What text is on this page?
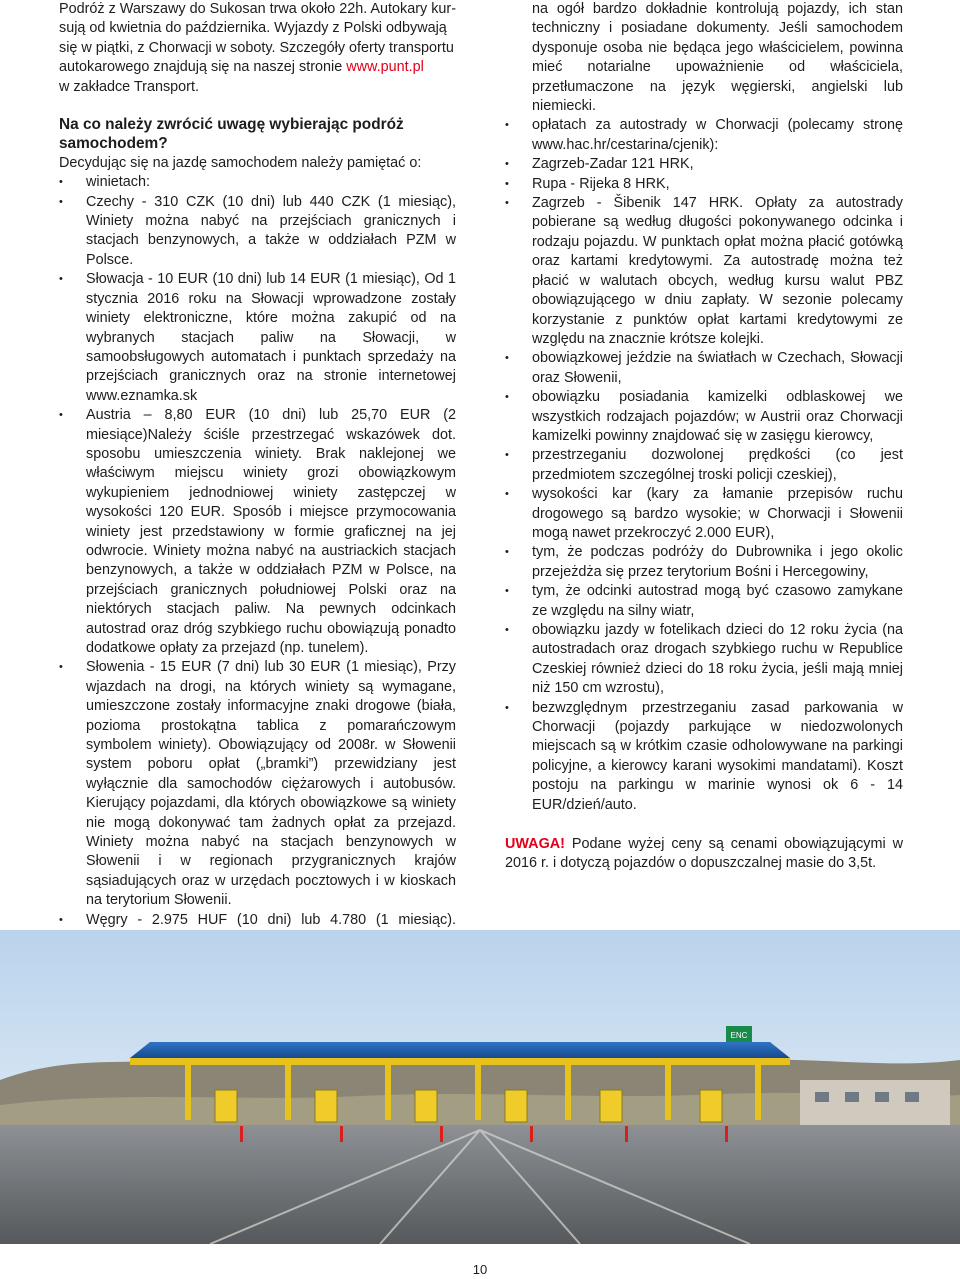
Podróż z Warszawy do Sukosan trwa około 22h. Autokary kur-
sują od kwietnia do października. Wyjazdy z Polski odbywają
się w piątki, z Chorwacji w soboty. Szczegóły oferty transportu
autokarowego znajdują się na naszej stronie www.punt.pl
w zakładce Transport.

Na co należy zwrócić uwagę wybierając podróż samochodem?

Decydując się na jazdę samochodem należy pamiętać o:

• winietach:
• Czechy - 310 CZK (10 dni) lub 440 CZK (1 miesiąc), Winiety można nabyć na przejściach granicznych i stacjach benzynowych, a także w oddziałach PZM w Polsce.
• Słowacja - 10 EUR (10 dni) lub 14 EUR (1 miesiąc), Od 1 stycznia 2016 roku na Słowacji wprowadzone zostały winiety elektroniczne, które można zakupić od na wybranych stacjach paliw na Słowacji, w samoobsługowych automatach i punktach sprzedaży na przejściach granicznych oraz na stronie internetowej www.eznamka.sk
• Austria – 8,80 EUR (10 dni) lub 25,70 EUR (2 miesiące)Należy ściśle przestrzegać wskazówek dot. sposobu umieszczenia winiety. Brak naklejonej we właściwym miejscu winiety grozi obowiązkowym wykupieniem jednodniowej winiety zastępczej w wysokości 120 EUR. Sposób i miejsce przymocowania winiety jest przedstawiony w formie graficznej na jej odwrocie. Winiety można nabyć na austriackich stacjach benzynowych, a także w oddziałach PZM w Polsce, na przejściach granicznych południowej Polski oraz na niektórych stacjach paliw. Na pewnych odcinkach autostrad oraz dróg szybkiego ruchu obowiązują ponadto dodatkowe opłaty za przejazd (np. tunelem).
• Słowenia - 15 EUR (7 dni) lub 30 EUR (1 miesiąc), Przy wjazdach na drogi, na których winiety są wymagane, umieszczone zostały informacyjne znaki drogowe (biała, pozioma prostokątna tablica z pomarańczowym symbolem winiety). Obowiązujący od 2008r. w Słowenii system poboru opłat („bramki”) przewidziany jest wyłącznie dla samochodów ciężarowych i autobusów. Kierujący pojazdami, dla których obowiązkowe są winiety nie mogą dokonywać tam żadnych opłat za przejazd. Winiety można nabyć na stacjach benzynowych w Słowenii i w regionach przygranicznych krajów sąsiadujących oraz w urzędach pocztowych i w kioskach na terytorium Słowenii.
• Węgry - 2.975 HUF (10 dni) lub 4.780 (1 miesiąc).

na ogół bardzo dokładnie kontrolują pojazdy, ich stan techniczny i posiadane dokumenty. Jeśli samochodem dysponuje osoba nie będąca jego właścicielem, powinna mieć notarialne upoważnienie od właściciela, przetłumaczone na język węgierski, angielski lub niemiecki.

• opłatach za autostrady w Chorwacji (polecamy stronę www.hac.hr/cestarina/cjenik):
• Zagrzeb-Zadar 121 HRK,
• Rupa - Rijeka 8 HRK,
• Zagrzeb - Šibenik 147 HRK. Opłaty za autostrady pobierane są według długości pokonywanego odcinka i rodzaju pojazdu. W punktach opłat można płacić gotówką oraz kartami kredytowymi. Za autostradę można też płacić w walutach obcych, według kursu walut PBZ obowiązującego w dniu zapłaty. W sezonie polecamy korzystanie z punktów opłat kartami kredytowymi ze względu na znacznie krótsze kolejki.
• obowiązkowej jeździe na światłach w Czechach, Słowacji oraz Słowenii,
• obowiązku posiadania kamizelki odblaskowej we wszystkich rodzajach pojazdów; w Austrii oraz Chorwacji kamizelki powinny znajdować się w zasięgu kierowcy,
• przestrzeganiu dozwolonej prędkości (co jest przedmiotem szczególnej troski policji czeskiej),
• wysokości kar (kary za łamanie przepisów ruchu drogowego są bardzo wysokie; w Chorwacji i Słowenii mogą nawet przekroczyć 2.000 EUR),
• tym, że podczas podróży do Dubrownika i jego okolic przejeżdża się przez terytorium Bośni i Hercegowiny,
• tym, że odcinki autostrad mogą być czasowo zamykane ze względu na silny wiatr,
• obowiązku jazdy w fotelikach dzieci do 12 roku życia (na autostradach oraz drogach szybkiego ruchu w Republice Czeskiej również dzieci do 18 roku życia, jeśli mają mniej niż 150 cm wzrostu),
• bezwzględnym przestrzeganiu zasad parkowania w Chorwacji (pojazdy parkujące w niedozwolonych miejscach są w krótkim czasie odholowywane na parkingi policyjne, a kierowcy karani wysokimi mandatami). Koszt postoju na parkingu w marinie wynosi ok 6 - 14 EUR/dzień/auto.

UWAGA! Podane wyżej ceny są cenami obowiązującymi w 2016 r. i dotyczą pojazdów o dopuszczalnej masie do 3,5t.

ENC
10
